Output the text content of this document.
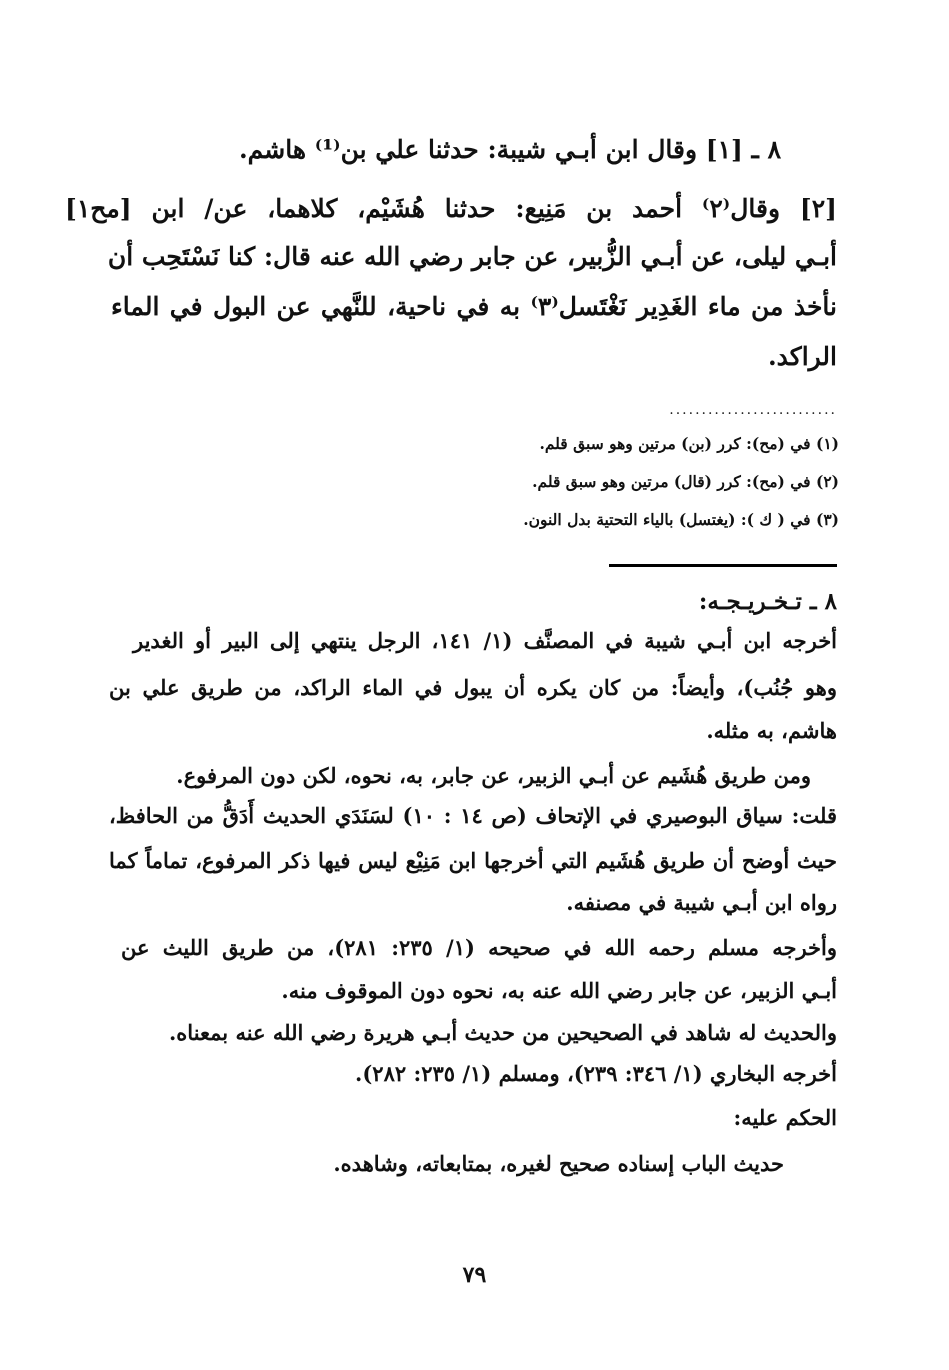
٨ ـ [١] وقال ابن أبـي شيبة: حدثنا علي بن⁽¹⁾ هاشم.
[٢] وقال⁽٢⁾ أحمد بن مَنِيع: حدثنا هُشَيْم، كلاهما، عن/ ابن [مح١]
أبـي ليلى، عن أبـي الزُّبير، عن جابر رضي الله عنه قال: كنا نَسْتَحِب أن
نأخذ من ماء الغَدِير نَغْتَسل⁽٣⁾ به في ناحية، للنَّهي عن البول في الماء
الراكد.
..........................
(١) في (مح): كرر (بن) مرتين وهو سبق قلم.
(٢) في (مح): كرر (قال) مرتين وهو سبق قلم.
(٣) في ( ك ): (يغتسل) بالياء التحتية بدل النون.
٨ ـ تـخـريـجـه:
أخرجه ابن أبـي شيبة في المصنَّف (١/ ١٤١، الرجل ينتهي إلى البير أو الغدير
وهو جُنُب)، وأيضاً: من كان يكره أن يبول في الماء الراكد، من طريق علي بن
هاشم، به مثله.
ومن طريق هُشَيم عن أبـي الزبير، عن جابر، به، نحوه، لكن دون المرفوع.
قلت: سياق البوصيري في الإتحاف (ص ١٤ : ١٠) لسَنَدَي الحديث أَدَقُّ من الحافظ،
حيث أوضح أن طريق هُشَيم التي أخرجها ابن مَنِيْع ليس فيها ذكر المرفوع، تماماً كما
رواه ابن أبـي شيبة في مصنفه.
وأخرجه مسلم رحمه الله في صحيحه (١/ ٢٣٥: ٢٨١)، من طريق الليث عن
أبـي الزبير، عن جابر رضي الله عنه به، نحوه دون الموقوف منه.
والحديث له شاهد في الصحيحين من حديث أبـي هريرة رضي الله عنه بمعناه.
أخرجه البخاري (١/ ٣٤٦: ٢٣٩)، ومسلم (١/ ٢٣٥: ٢٨٢).
الحكم عليه:
حديث الباب إسناده صحيح لغيره، بمتابعاته، وشاهده.
٧٩
